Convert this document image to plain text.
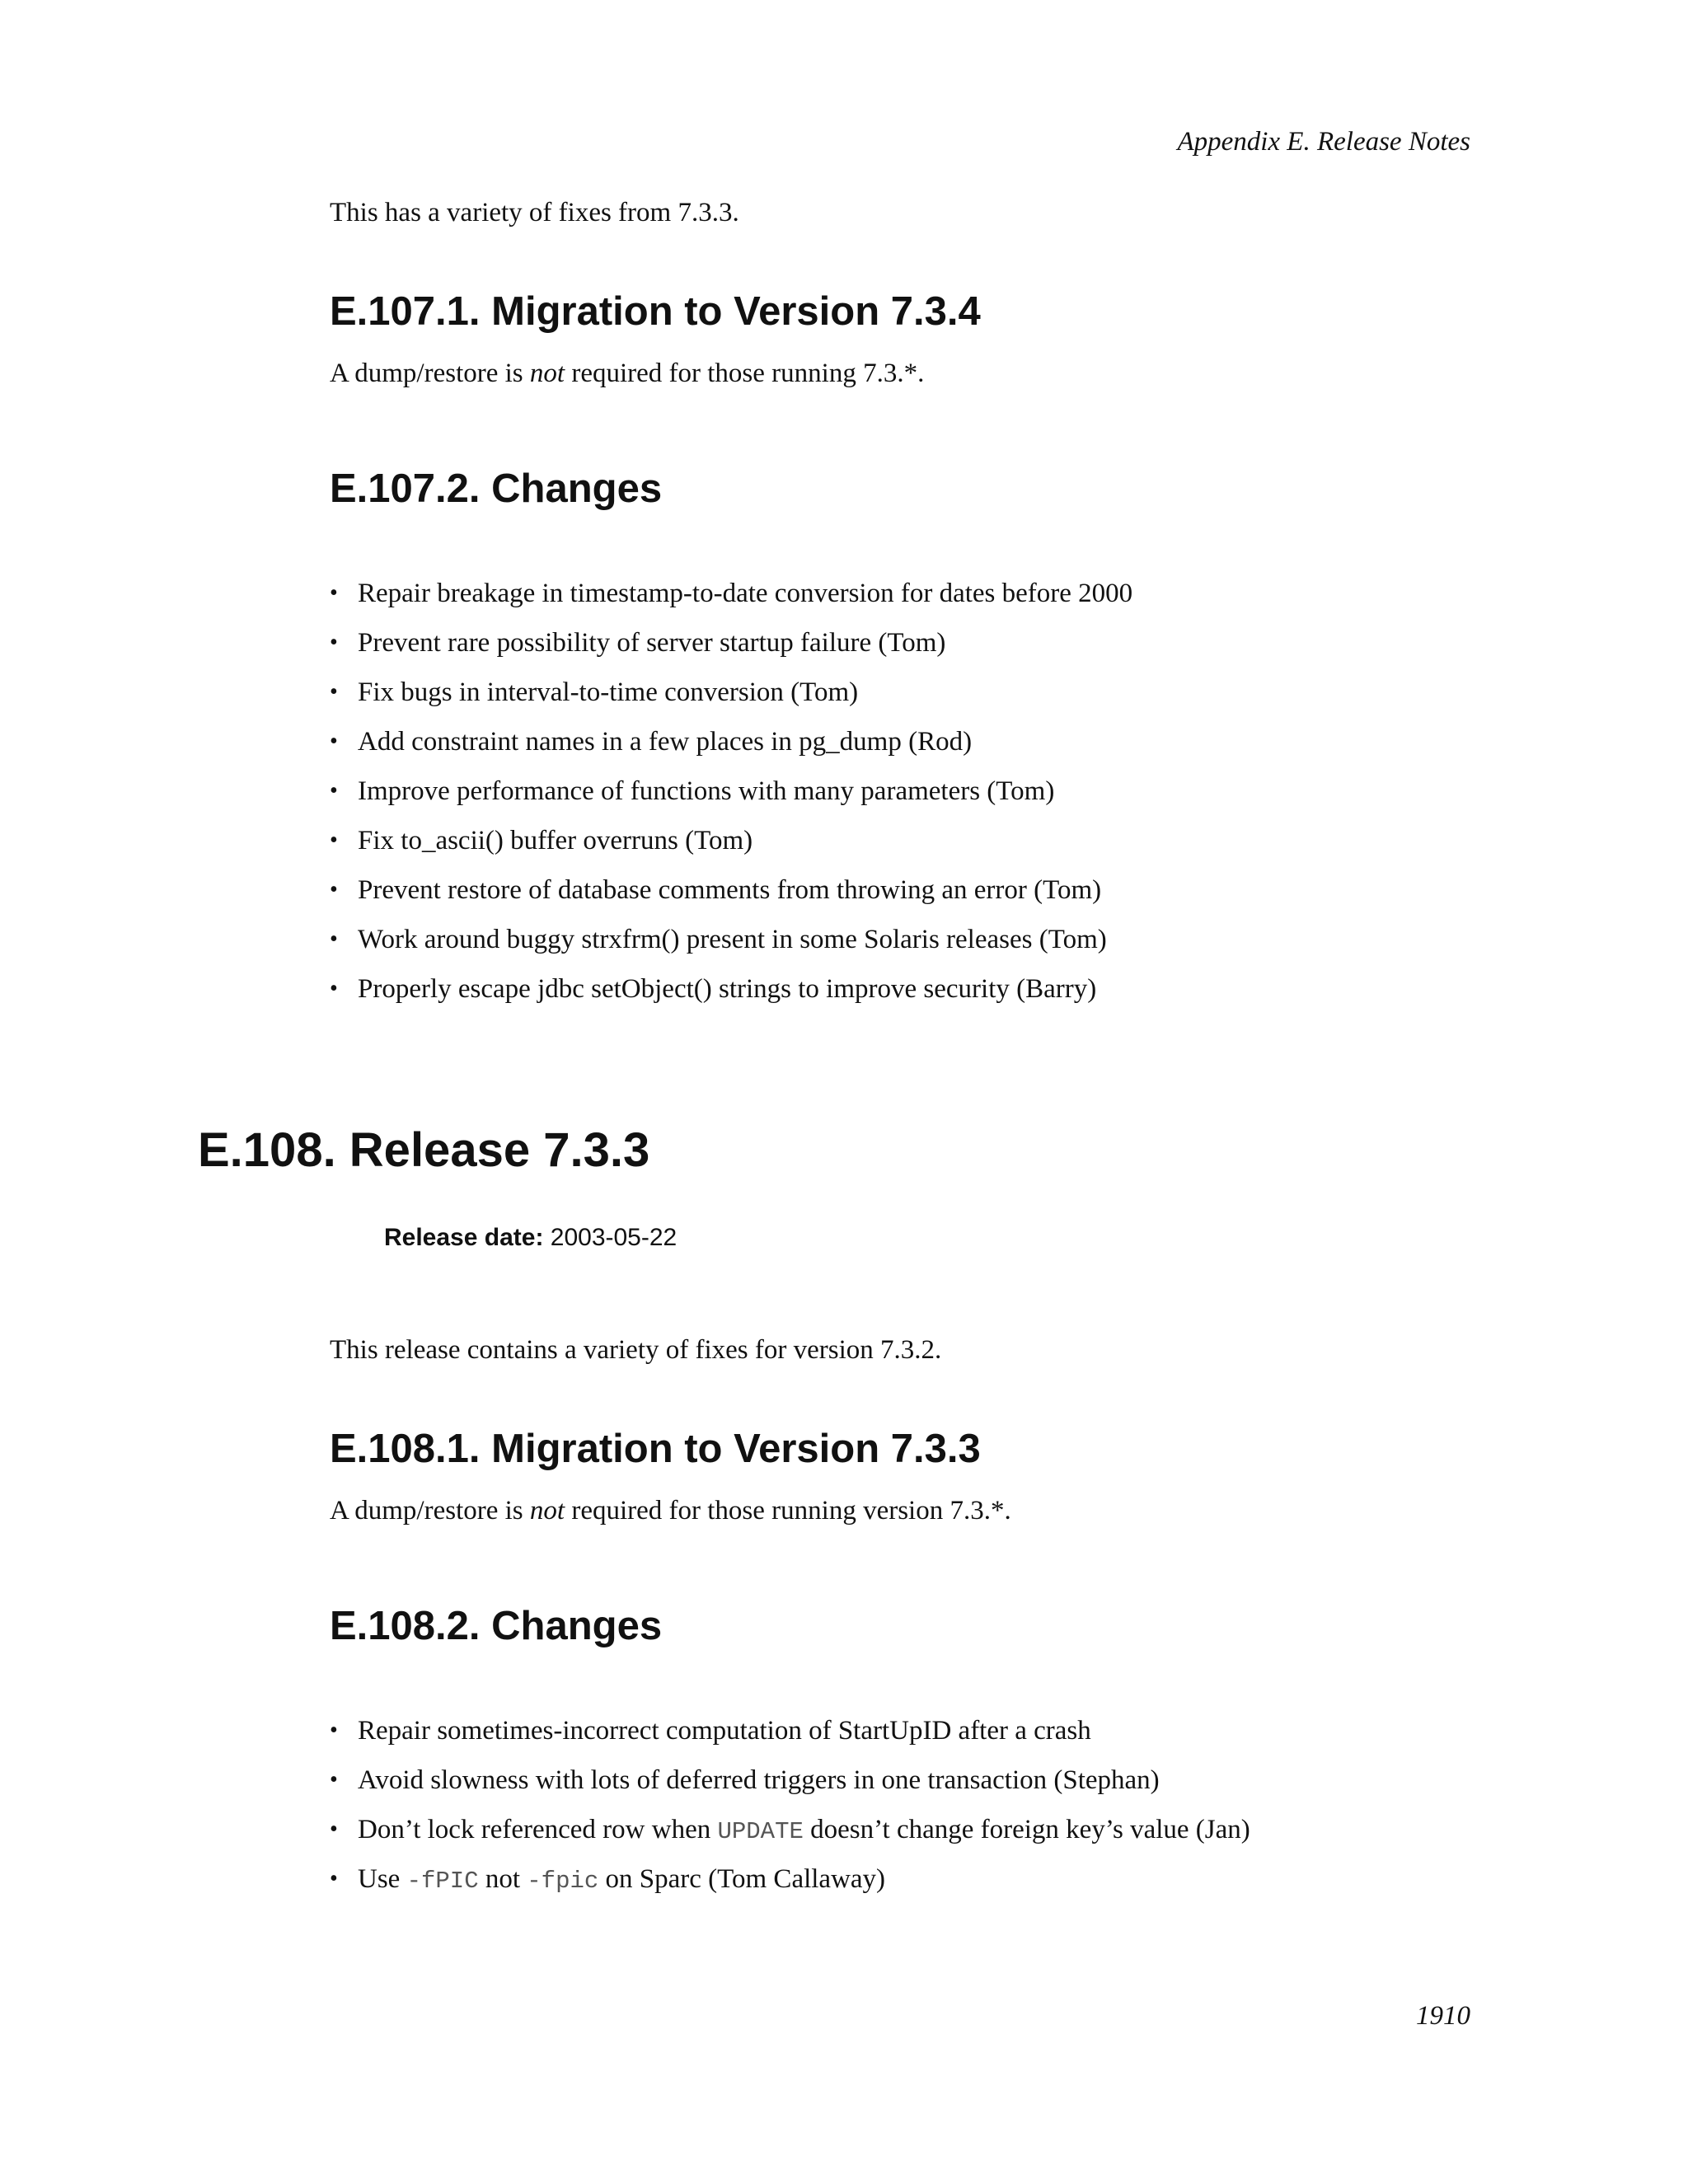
Appendix E. Release Notes

This has a variety of fixes from 7.3.3.

E.107.1. Migration to Version 7.3.4

A dump/restore is not required for those running 7.3.*.

E.107.2. Changes
• Repair breakage in timestamp-to-date conversion for dates before 2000
• Prevent rare possibility of server startup failure (Tom)
• Fix bugs in interval-to-time conversion (Tom)
• Add constraint names in a few places in pg_dump (Rod)
• Improve performance of functions with many parameters (Tom)
• Fix to_ascii() buffer overruns (Tom)
• Prevent restore of database comments from throwing an error (Tom)
• Work around buggy strxfrm() present in some Solaris releases (Tom)
• Properly escape jdbc setObject() strings to improve security (Barry)
E.108. Release 7.3.3
Release date: 2003-05-22

This release contains a variety of fixes for version 7.3.2.

E.108.1. Migration to Version 7.3.3

A dump/restore is not required for those running version 7.3.*.

E.108.2. Changes
• Repair sometimes-incorrect computation of StartUpID after a crash
• Avoid slowness with lots of deferred triggers in one transaction (Stephan)
• Don’t lock referenced row when UPDATE doesn’t change foreign key’s value (Jan)
• Use -fPIC not -fpic on Sparc (Tom Callaway)
1910
